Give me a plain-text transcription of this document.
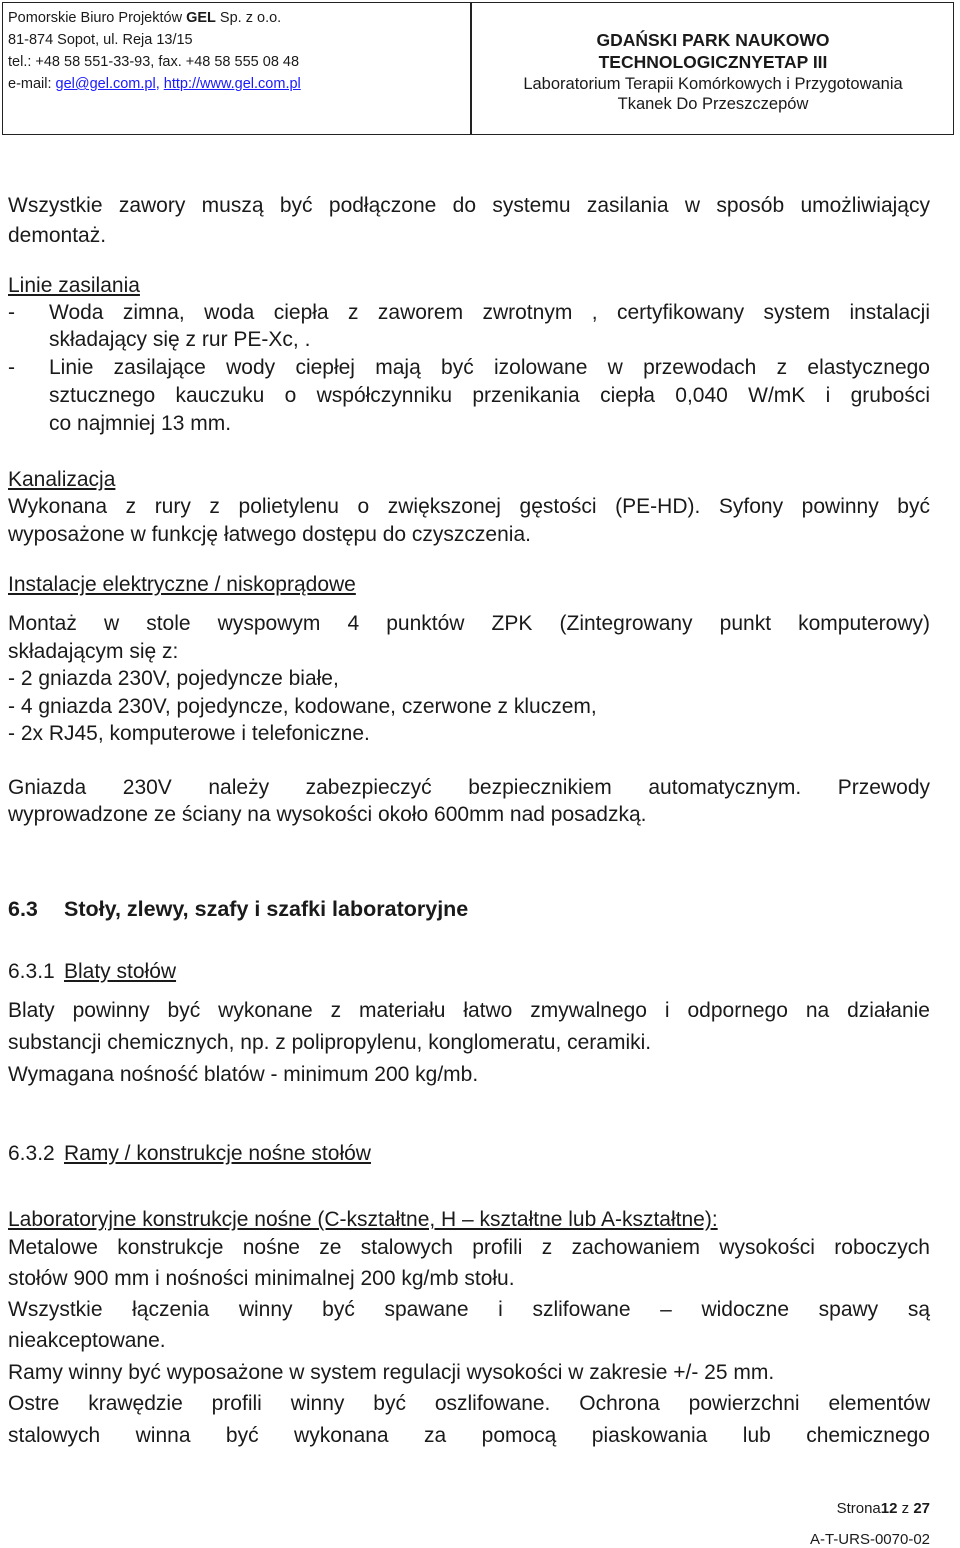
Pomorskie Biuro Projektów GEL Sp. z o.o.
81-874 Sopot, ul. Reja 13/15
tel.: +48 58 551-33-93, fax. +48 58 555 08 48
e-mail: gel@gel.com.pl, http://www.gel.com.pl
GDAŃSKI PARK NAUKOWO
TECHNOLOGICZNYETAP III
Laboratorium Terapii Komórkowych i Przygotowania
Tkanek Do Przeszczepów
Wszystkie zawory muszą być podłączone do systemu zasilania w sposób umożliwiający
demontaż.
Linie zasilania
- Woda zimna, woda ciepła z zaworem zwrotnym , certyfikowany system instalacji
składający się z rur PE-Xc, .
- Linie zasilające wody ciepłej mają być izolowane w przewodach z elastycznego
sztucznego kauczuku o współczynniku przenikania ciepła 0,040 W/mK i grubości
co najmniej 13 mm.
Kanalizacja
Wykonana z rury z polietylenu o zwiększonej gęstości (PE-HD). Syfony powinny być
wyposażone w funkcję łatwego dostępu do czyszczenia.
Instalacje elektryczne / niskoprądowe
Montaż w stole wyspowym 4 punktów ZPK (Zintegrowany punkt komputerowy)
składającym się z:
- 2 gniazda 230V, pojedyncze białe,
- 4 gniazda 230V, pojedyncze, kodowane, czerwone z kluczem,
- 2x RJ45, komputerowe i telefoniczne.
Gniazda 230V należy zabezpieczyć bezpiecznikiem automatycznym. Przewody
wyprowadzone ze ściany na wysokości około 600mm nad posadzką.
6.3 Stoły, zlewy, szafy i szafki laboratoryjne
6.3.1 Blaty stołów
Blaty powinny być wykonane z materiału łatwo zmywalnego i odpornego na działanie
substancji chemicznych, np. z polipropylenu, konglomeratu, ceramiki.
Wymagana nośność blatów - minimum 200 kg/mb.
6.3.2 Ramy / konstrukcje nośne stołów
Laboratoryjne konstrukcje nośne (C-kształtne, H – kształtne lub A-kształtne):
Metalowe konstrukcje nośne ze stalowych profili z zachowaniem wysokości roboczych
stołów 900 mm i nośności minimalnej 200 kg/mb stołu.
Wszystkie łączenia winny być spawane i szlifowane – widoczne spawy są
nieakceptowane.
Ramy winny być wyposażone w system regulacji wysokości w zakresie +/- 25 mm.
Ostre krawędzie profili winny być oszlifowane. Ochrona powierzchni elementów
stalowych winna być wykonana za pomocą piaskowania lub chemicznego
Strona12 z 27
A-T-URS-0070-02
